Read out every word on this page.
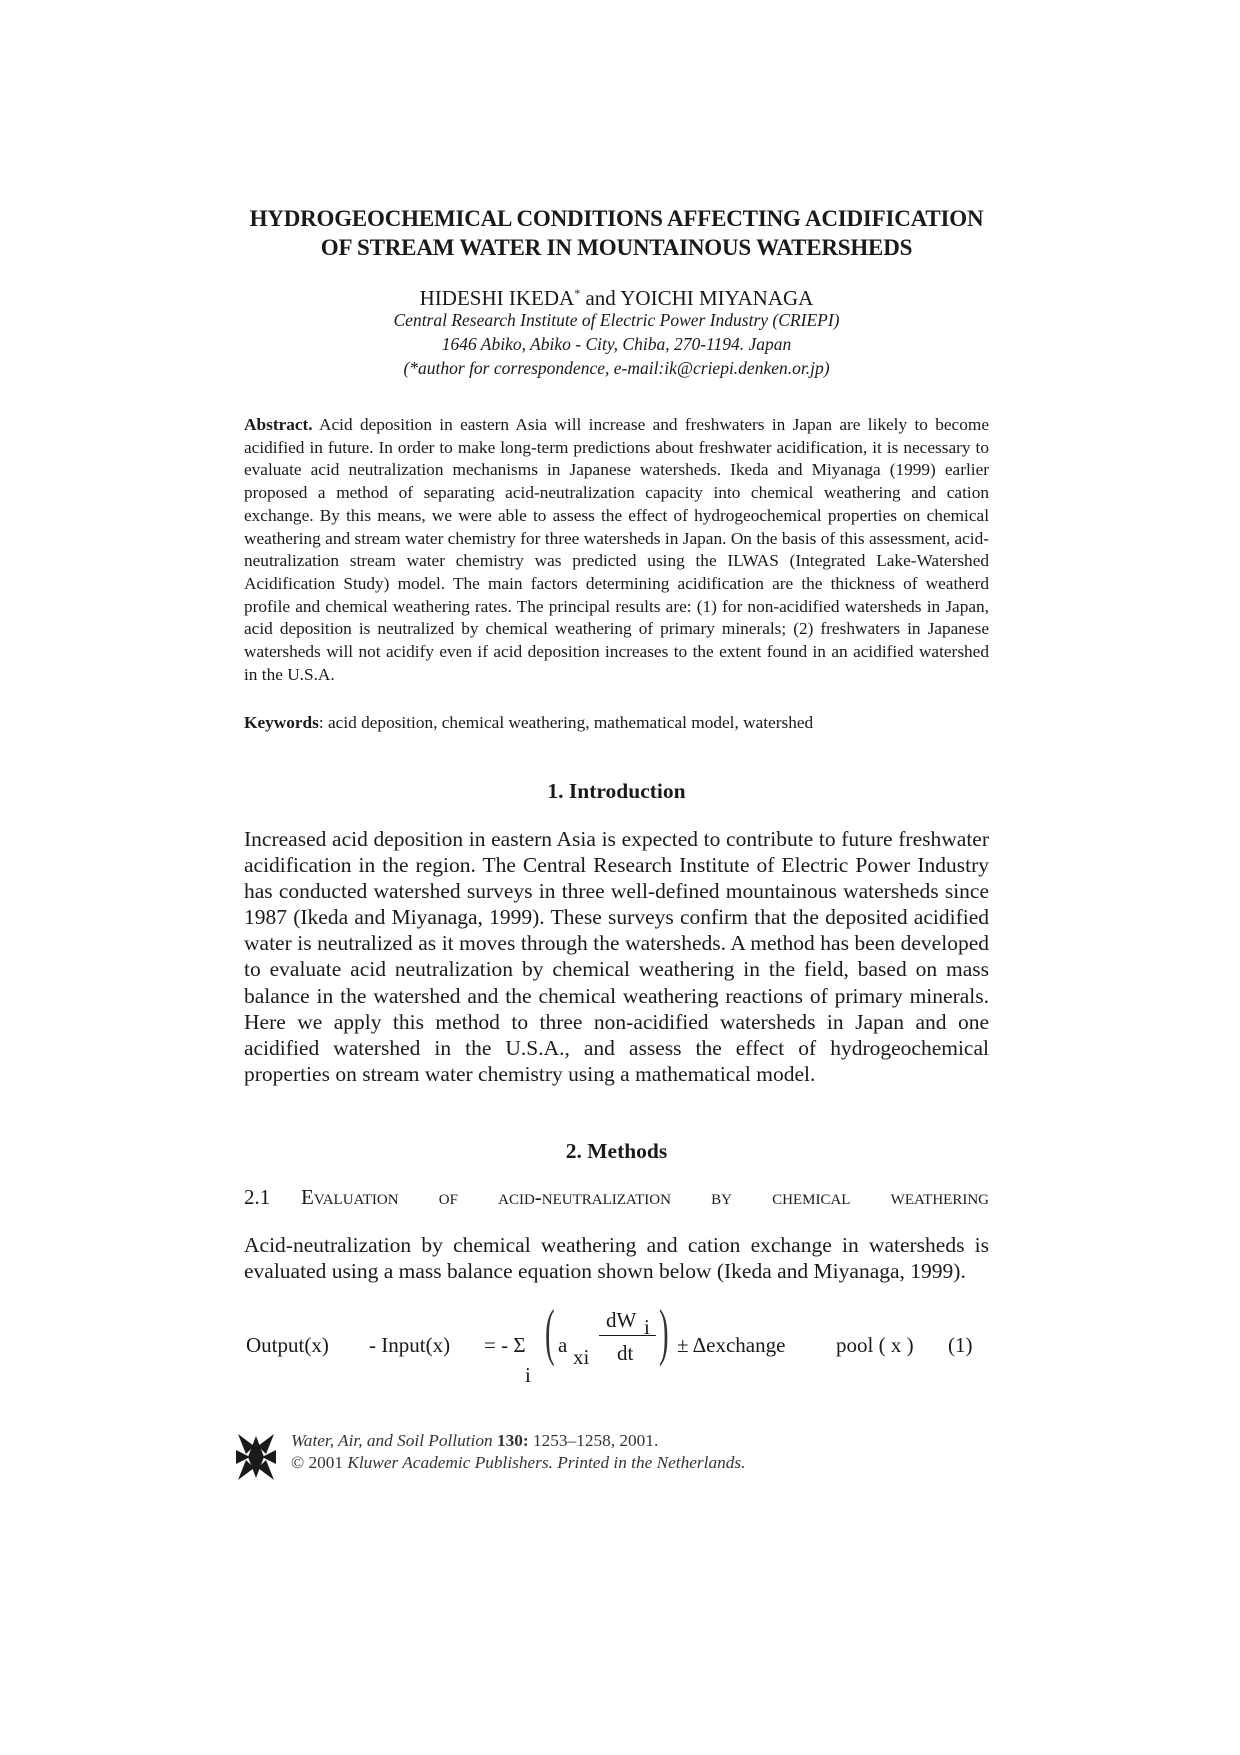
HYDROGEOCHEMICAL CONDITIONS AFFECTING ACIDIFICATION
OF STREAM WATER IN MOUNTAINOUS WATERSHEDS
HIDESHI IKEDA* and YOICHI MIYANAGA
Central Research Institute of Electric Power Industry (CRIEPI)
1646 Abiko, Abiko - City, Chiba, 270-1194. Japan
(*author for correspondence, e-mail:ik@criepi.denken.or.jp)
Abstract. Acid deposition in eastern Asia will increase and freshwaters in Japan are likely to become acidified in future. In order to make long-term predictions about freshwater acidification, it is necessary to evaluate acid neutralization mechanisms in Japanese watersheds. Ikeda and Miyanaga (1999) earlier proposed a method of separating acid-neutralization capacity into chemical weathering and cation exchange. By this means, we were able to assess the effect of hydrogeochemical properties on chemical weathering and stream water chemistry for three watersheds in Japan. On the basis of this assessment, acid-neutralization stream water chemistry was predicted using the ILWAS (Integrated Lake-Watershed Acidification Study) model. The main factors determining acidification are the thickness of weatherd profile and chemical weathering rates. The principal results are: (1) for non-acidified watersheds in Japan, acid deposition is neutralized by chemical weathering of primary minerals; (2) freshwaters in Japanese watersheds will not acidify even if acid deposition increases to the extent found in an acidified watershed in the U.S.A.
Keywords: acid deposition, chemical weathering, mathematical model, watershed
1. Introduction
Increased acid deposition in eastern Asia is expected to contribute to future freshwater acidification in the region. The Central Research Institute of Electric Power Industry has conducted watershed surveys in three well-defined mountainous watersheds since 1987 (Ikeda and Miyanaga, 1999). These surveys confirm that the deposited acidified water is neutralized as it moves through the watersheds. A method has been developed to evaluate acid neutralization by chemical weathering in the field, based on mass balance in the watershed and the chemical weathering reactions of primary minerals. Here we apply this method to three non-acidified watersheds in Japan and one acidified watershed in the U.S.A., and assess the effect of hydrogeochemical properties on stream water chemistry using a mathematical model.
2. Methods
2.1	Evaluation of acid-neutralization by chemical weathering
Acid-neutralization by chemical weathering and cation exchange in watersheds is evaluated using a mass balance equation shown below (Ikeda and Miyanaga, 1999).
Output(x) - Input(x) = - Σ
i
( a xi
dW i
dt ) ± Δexchange pool ( x ) (1)
Water, Air, and Soil Pollution 130: 1253–1258, 2001.
© 2001 Kluwer Academic Publishers. Printed in the Netherlands.
